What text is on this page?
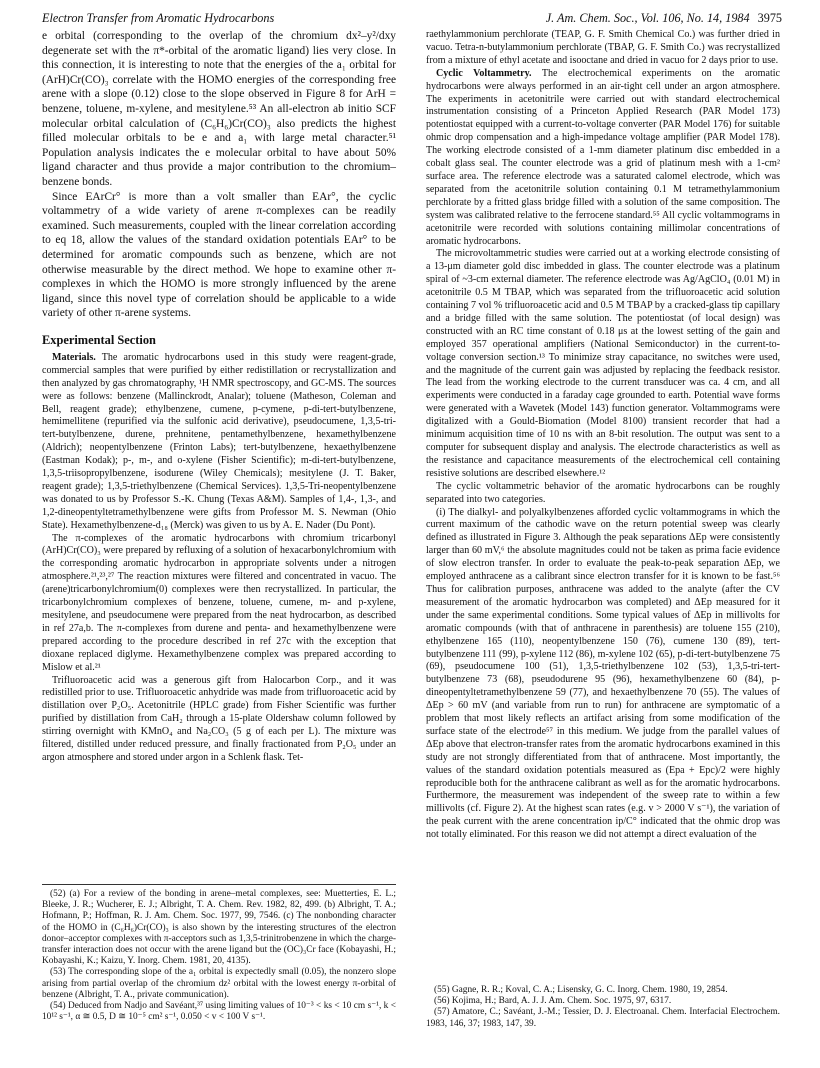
Electron Transfer from Aromatic Hydrocarbons	J. Am. Chem. Soc., Vol. 106, No. 14, 1984 3975

e orbital (corresponding to the overlap of the chromium dx²–y²/dxy degenerate set with the π*-orbital of the aromatic ligand) lies very close. In this connection, it is interesting to note that the energies of the a₁ orbital for (ArH)Cr(CO)₃ correlate with the HOMO energies of the corresponding free arene with a slope (0.12) close to the slope observed in Figure 8 for ArH = benzene, toluene, m-xylene, and mesitylene.⁵³ An all-electron ab initio SCF molecular orbital calculation of (C₆H₆)Cr(CO)₃ also predicts the highest filled molecular orbitals to be e and a₁ with large metal character.⁵¹ Population analysis indicates the e molecular orbital to have about 50% ligand character and thus provide a major contribution to the chromium–benzene bonds.

Since EArCr° is more than a volt smaller than EAr°, the cyclic voltammetry of a wide variety of arene π-complexes can be readily examined. Such measurements, coupled with the linear correlation according to eq 18, allow the values of the standard oxidation potentials EAr° to be determined for aromatic compounds such as benzene, which are not otherwise measurable by the direct method. We hope to examine other π-complexes in which the HOMO is more strongly influenced by the arene ligand, since this novel type of correlation should be applicable to a wide variety of other π-arene systems.

Experimental Section

Materials. The aromatic hydrocarbons used in this study were reagent-grade, commercial samples that were purified by either redistillation or recrystallization and then analyzed by gas chromatography, ¹H NMR spectroscopy, and GC-MS. The sources were as follows: benzene (Mallinckrodt, Analar); toluene (Matheson, Coleman and Bell, reagent grade); ethylbenzene, cumene, p-cymene, p-di-tert-butylbenzene, hemimellitene (repurified via the sulfonic acid derivative), pseudocumene, 1,3,5-tri-tert-butylbenzene, durene, prehnitene, pentamethylbenzene, hexamethylbenzene (Aldrich); neopentylbenzene (Frinton Labs); tert-butylbenzene, hexaethylbenzene (Eastman Kodak); p-, m-, and o-xylene (Fisher Scientific); m-di-tert-butylbenzene, 1,3,5-triisopropylbenzene, isodurene (Wiley Chemicals); mesitylene (J. T. Baker, reagent grade); 1,3,5-triethylbenzene (Chemical Services). 1,3,5-Tri-neopentylbenzene was donated to us by Professor S.-K. Chung (Texas A&M). Samples of 1,4-, 1,3-, and 1,2-dineopentyltetramethylbenzene were gifts from Professor M. S. Newman (Ohio State). Hexamethylbenzene-d₁₈ (Merck) was given to us by A. E. Nader (Du Pont).

The π-complexes of the aromatic hydrocarbons with chromium tricarbonyl (ArH)Cr(CO)₃ were prepared by refluxing of a solution of hexacarbonylchromium with the corresponding aromatic hydrocarbon in appropriate solvents under a nitrogen atmosphere.²¹,²³,²⁷ The reaction mixtures were filtered and concentrated in vacuo. The (arene)tricarbonylchromium(0) complexes were then recrystallized. In particular, the tricarbonylchromium complexes of benzene, toluene, cumene, m- and p-xylene, mesitylene, and pseudocumene were prepared from the neat hydrocarbon, as described in ref 27a,b. The π-complexes from durene and penta- and hexamethylbenzene were prepared according to the procedure described in ref 27c with the exception that dioxane replaced diglyme. Hexamethylbenzene complex was prepared according to Mislow et al.²¹

Trifluoroacetic acid was a generous gift from Halocarbon Corp., and it was redistilled prior to use. Trifluoroacetic anhydride was made from trifluoroacetic acid by distillation over P₂O₅. Acetonitrile (HPLC grade) from Fisher Scientific was further purified by distillation from CaH₂ through a 15-plate Oldershaw column followed by stirring overnight with KMnO₄ and Na₂CO₃ (5 g of each per L). The mixture was filtered, distilled under reduced pressure, and finally fractionated from P₂O₅ under an argon atmosphere and stored under argon in a Schlenk flask. Tet-

raethylammonium perchlorate (TEAP, G. F. Smith Chemical Co.) was further dried in vacuo. Tetra-n-butylammonium perchlorate (TBAP, G. F. Smith Co.) was recrystallized from a mixture of ethyl acetate and isooctane and dried in vacuo for 2 days prior to use.

Cyclic Voltammetry. The electrochemical experiments on the aromatic hydrocarbons were always performed in an air-tight cell under an argon atmosphere. The experiments in acetonitrile were carried out with standard electrochemical instrumentation consisting of a Princeton Applied Research (PAR Model 173) potentiostat equipped with a current-to-voltage converter (PAR Model 176) for suitable ohmic drop compensation and a high-impedance voltage amplifier (PAR Model 178). The working electrode consisted of a 1-mm diameter platinum disc embedded in a cobalt glass seal. The counter electrode was a grid of platinum mesh with a 1-cm² surface area. The reference electrode was a saturated calomel electrode, which was separated from the acetonitrile solution containing 0.1 M tetramethylammonium perchlorate by a fritted glass bridge filled with a solution of the same composition. The system was calibrated relative to the ferrocene standard.⁵⁵ All cyclic voltammograms in acetonitrile were recorded with solutions containing millimolar concentrations of aromatic hydrocarbons.

The microvoltammetric studies were carried out at a working electrode consisting of a 13-μm diameter gold disc imbedded in glass. The counter electrode was a platinum spiral of ~3-cm external diameter. The reference electrode was Ag/AgClO₄ (0.01 M) in acetonitrile 0.5 M TBAP, which was separated from the trifluoroacetic acid solution containing 7 vol % trifluoroacetic acid and 0.5 M TBAP by a cracked-glass tip capillary and a bridge filled with the same solution. The potentiostat (of local design) was constructed with an RC time constant of 0.18 μs at the lowest setting of the gain and employed 357 operational amplifiers (National Semiconductor) in the current-to-voltage conversion section.¹³ To minimize stray capacitance, no switches were used, and the magnitude of the current gain was adjusted by replacing the feedback resistor. The lead from the working electrode to the current transducer was ca. 4 cm, and all experiments were conducted in a faraday cage grounded to earth. Potential wave forms were generated with a Wavetek (Model 143) function generator. Voltammograms were digitalized with a Gould-Biomation (Model 8100) transient recorder that had a minimum acquisition time of 10 ns with an 8-bit resolution. The output was sent to a computer for subsequent display and analysis. The electrode characteristics as well as the resistance and capacitance measurements of the electrochemical cell containing resistive solutions are described elsewhere.¹²

The cyclic voltammetric behavior of the aromatic hydrocarbons can be roughly separated into two categories.

(i) The dialkyl- and polyalkylbenzenes afforded cyclic voltammograms in which the current maximum of the cathodic wave on the return potential sweep was clearly defined as illustrated in Figure 3. Although the peak separations ΔEp were consistently larger than 60 mV,⁶ the absolute magnitudes could not be taken as prima facie evidence of slow electron transfer. In order to evaluate the peak-to-peak separation ΔEp, we employed anthracene as a calibrant since electron transfer for it is known to be fast.⁵⁶ Thus for calibration purposes, anthracene was added to the analyte (after the CV measurement of the aromatic hydrocarbon was completed) and ΔEp measured for it under the same experimental conditions. Some typical values of ΔEp in millivolts for aromatic compounds (with that of anthracene in parenthesis) are toluene 155 (210), ethylbenzene 165 (110), neopentylbenzene 150 (76), cumene 130 (89), tert-butylbenzene 111 (99), p-xylene 112 (86), m-xylene 102 (65), p-di-tert-butylbenzene 75 (69), pseudocumene 100 (51), 1,3,5-triethylbenzene 102 (53), 1,3,5-tri-tert-butylbenzene 73 (68), pseudodurene 95 (96), hexamethylbenzene 60 (84), p-dineopentyltetramethylbenzene 59 (77), and hexaethylbenzene 70 (55). The values of ΔEp > 60 mV (and variable from run to run) for anthracene are symptomatic of a problem that most likely reflects an artifact arising from some modification of the surface state of the electrode⁵⁷ in this medium. We judge from the parallel values of ΔEp above that electron-transfer rates from the aromatic hydrocarbons examined in this study are not strongly differentiated from that of anthracene. Most importantly, the values of the standard oxidation potentials measured as (Epa + Epc)/2 were highly reproducible both for the anthracene calibrant as well as for the aromatic hydrocarbons. Furthermore, the measurement was independent of the sweep rate to within a few millivolts (cf. Figure 2). At the highest scan rates (e.g. v > 2000 V s⁻¹), the variation of the peak current with the arene concentration ip/C° indicated that the ohmic drop was not totally eliminated. For this reason we did not attempt a direct evaluation of the

(52) (a) For a review of the bonding in arene–metal complexes, see: Muetterties, E. L.; Bleeke, J. R.; Wucherer, E. J.; Albright, T. A. Chem. Rev. 1982, 82, 499. (b) Albright, T. A.; Hofmann, P.; Hoffman, R. J. Am. Chem. Soc. 1977, 99, 7546. (c) The nonbonding character of the HOMO in (C₆H₆)Cr(CO)₃ is also shown by the interesting structures of the electron donor–acceptor complexes with π-acceptors such as 1,3,5-trinitrobenzene in which the charge-transfer interaction does not occur with the arene ligand but the (OC)₃Cr face (Kobayashi, H.; Kobayashi, K.; Kaizu, Y. Inorg. Chem. 1981, 20, 4135).

(53) The corresponding slope of the a₁ orbital is expectedly small (0.05), the nonzero slope arising from partial overlap of the chromium dz² orbital with the lowest energy π-orbital of benzene (Albright, T. A., private communication).

(54) Deduced from Nadjo and Savéant,³⁷ using limiting values of 10⁻³ < ks < 10 cm s⁻¹, k < 10¹² s⁻¹, α ≅ 0.5, D ≅ 10⁻⁵ cm² s⁻¹, 0.050 < v < 100 V s⁻¹.

(55) Gagne, R. R.; Koval, C. A.; Lisensky, G. C. Inorg. Chem. 1980, 19, 2854.

(56) Kojima, H.; Bard, A. J. J. Am. Chem. Soc. 1975, 97, 6317.

(57) Amatore, C.; Savéant, J.-M.; Tessier, D. J. Electroanal. Chem. Interfacial Electrochem. 1983, 146, 37; 1983, 147, 39.
